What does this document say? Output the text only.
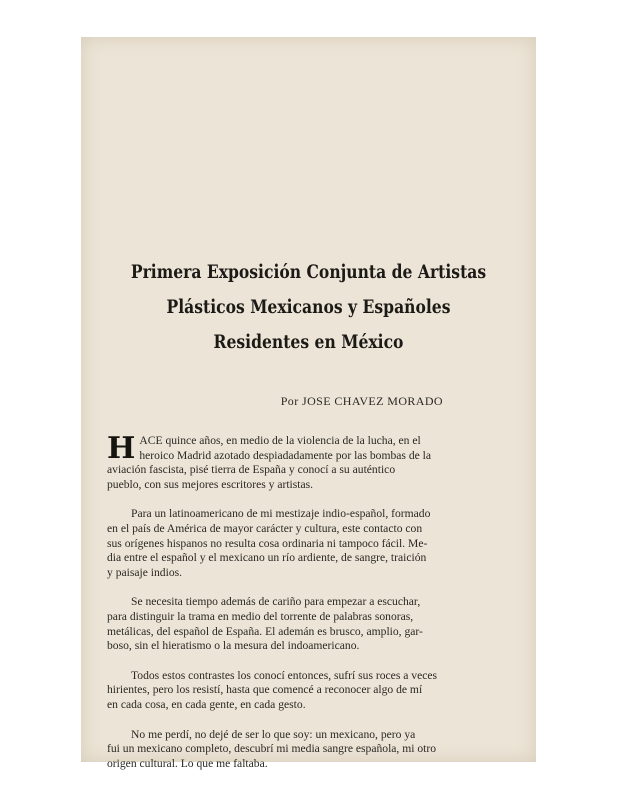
Primera Exposición Conjunta de Artistas
Plásticos Mexicanos y Españoles
Residentes en México
Por JOSE CHAVEZ MORADO

H ACE quince años, en medio de la violencia de la lucha, en el
heroico Madrid azotado despiadadamente por las bombas de la
aviación fascista, pisé tierra de España y conocí a su auténtico
pueblo, con sus mejores escritores y artistas.

Para un latinoamericano de mi mestizaje indio-español, formado
en el país de América de mayor carácter y cultura, este contacto con
sus orígenes hispanos no resulta cosa ordinaria ni tampoco fácil. Me-
dia entre el español y el mexicano un río ardiente, de sangre, traición
y paisaje indios.

Se necesita tiempo además de cariño para empezar a escuchar,
para distinguir la trama en medio del torrente de palabras sonoras,
metálicas, del español de España. El ademán es brusco, amplio, gar-
boso, sin el hieratismo o la mesura del indoamericano.

Todos estos contrastes los conocí entonces, sufrí sus roces a veces
hirientes, pero los resistí, hasta que comencé a reconocer algo de mí
en cada cosa, en cada gente, en cada gesto.

No me perdí, no dejé de ser lo que soy: un mexicano, pero ya
fui un mexicano completo, descubrí mi media sangre española, mi otro
origen cultural. Lo que me faltaba.
